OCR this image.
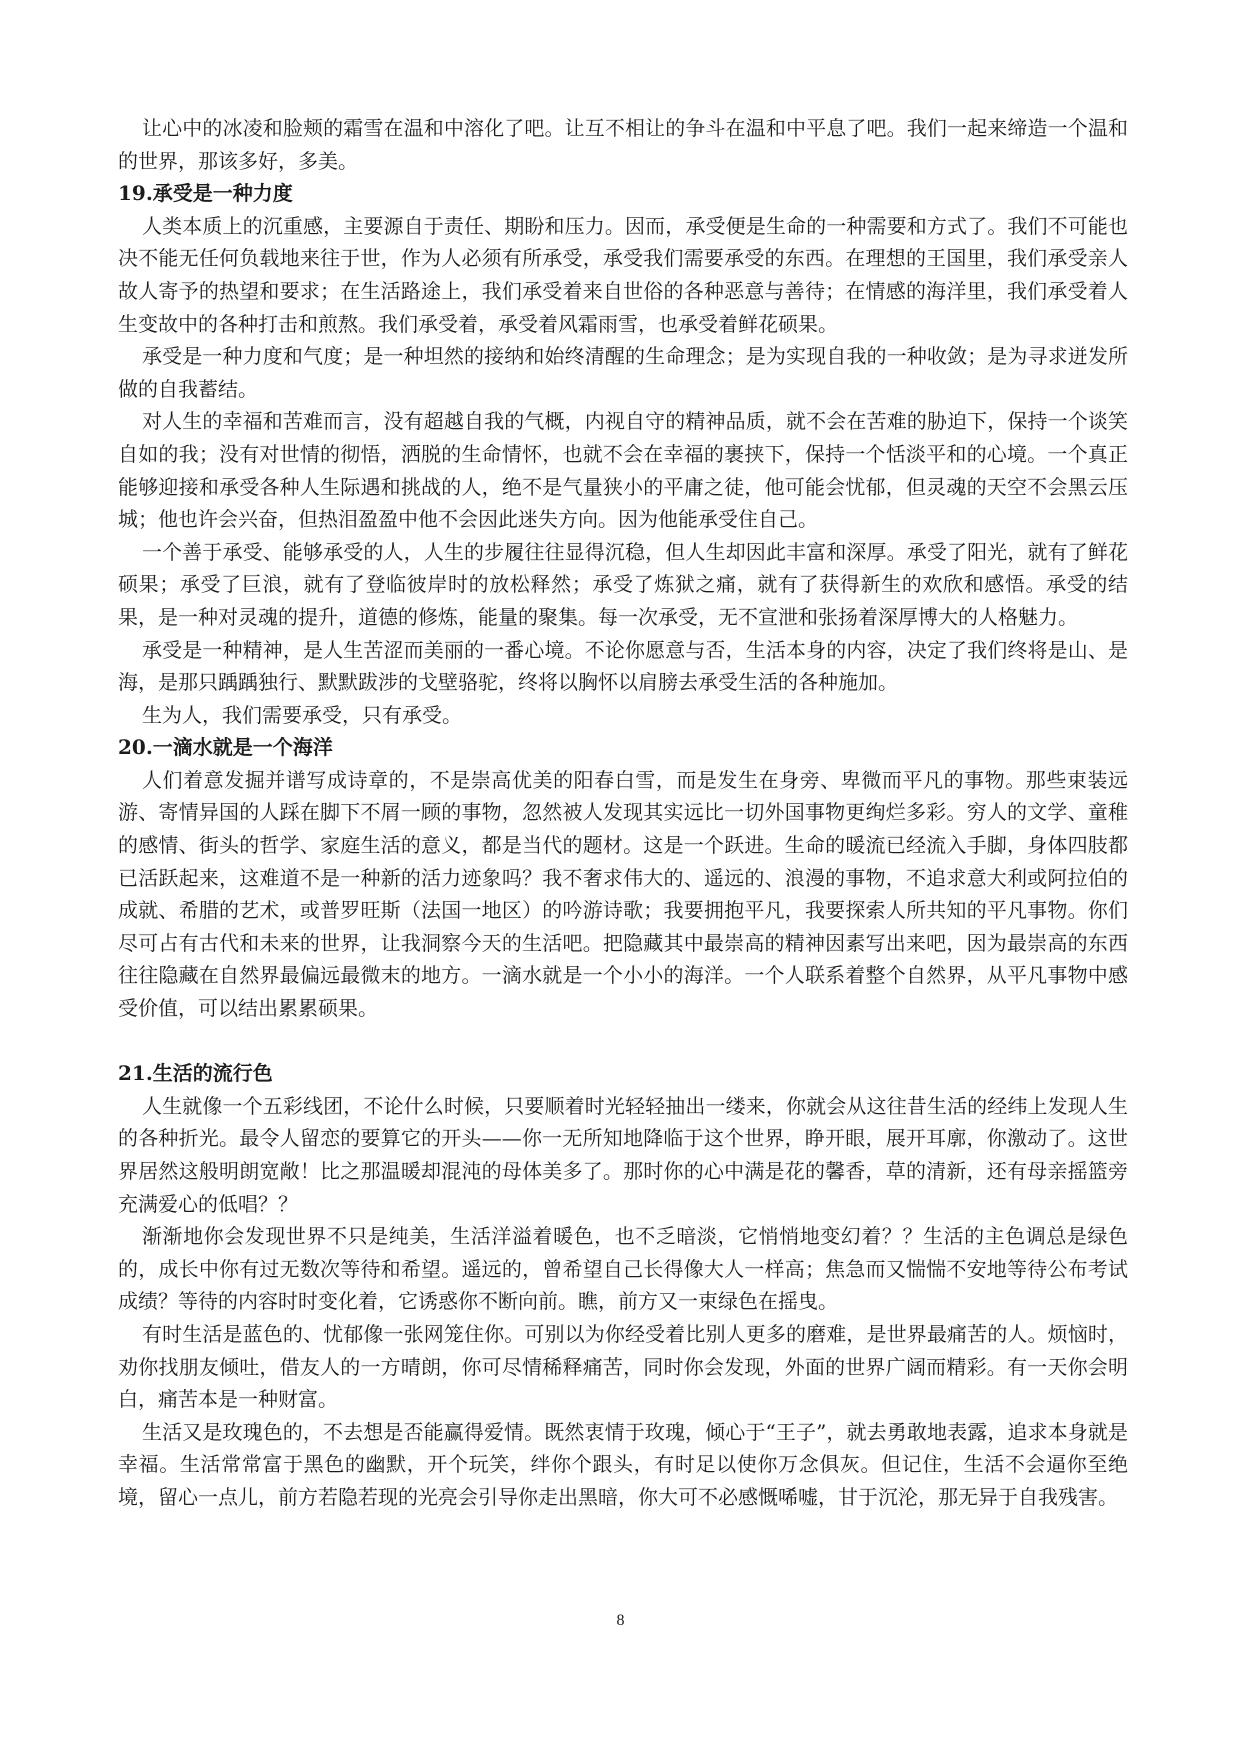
让心中的冰凌和脸颊的霜雪在温和中溶化了吧。让互不相让的争斗在温和中平息了吧。我们一起来缔造一个温和的世界，那该多好，多美。

19.承受是一种力度

人类本质上的沉重感，主要源自于责任、期盼和压力。因而，承受便是生命的一种需要和方式了。我们不可能也决不能无任何负载地来往于世，作为人必须有所承受，承受我们需要承受的东西。在理想的王国里，我们承受亲人故人寄予的热望和要求；在生活路途上，我们承受着来自世俗的各种恶意与善待；在情感的海洋里，我们承受着人生变故中的各种打击和煎熬。我们承受着，承受着风霜雨雪，也承受着鲜花硕果。

承受是一种力度和气度；是一种坦然的接纳和始终清醒的生命理念；是为实现自我的一种收敛；是为寻求迸发所做的自我蓄结。

对人生的幸福和苦难而言，没有超越自我的气概，内视自守的精神品质，就不会在苦难的胁迫下，保持一个谈笑自如的我；没有对世情的彻悟，洒脱的生命情怀，也就不会在幸福的裹挟下，保持一个恬淡平和的心境。一个真正能够迎接和承受各种人生际遇和挑战的人，绝不是气量狭小的平庸之徒，他可能会忧郁，但灵魂的天空不会黑云压城；他也许会兴奋，但热泪盈盈中他不会因此迷失方向。因为他能承受住自己。

一个善于承受、能够承受的人，人生的步履往往显得沉稳，但人生却因此丰富和深厚。承受了阳光，就有了鲜花硕果；承受了巨浪，就有了登临彼岸时的放松释然；承受了炼狱之痛，就有了获得新生的欢欣和感悟。承受的结果，是一种对灵魂的提升，道德的修炼，能量的聚集。每一次承受，无不宣泄和张扬着深厚博大的人格魅力。

承受是一种精神，是人生苦涩而美丽的一番心境。不论你愿意与否，生活本身的内容，决定了我们终将是山、是海，是那只踽踽独行、默默跋涉的戈壁骆驼，终将以胸怀以肩膀去承受生活的各种施加。

生为人，我们需要承受，只有承受。

20.一滴水就是一个海洋

人们着意发掘并谱写成诗章的，不是崇高优美的阳春白雪，而是发生在身旁、卑微而平凡的事物。那些束装远游、寄情异国的人踩在脚下不屑一顾的事物，忽然被人发现其实远比一切外国事物更绚烂多彩。穷人的文学、童稚的感情、街头的哲学、家庭生活的意义，都是当代的题材。这是一个跃进。生命的暖流已经流入手脚，身体四肢都已活跃起来，这难道不是一种新的活力迹象吗？我不奢求伟大的、遥远的、浪漫的事物，不追求意大利或阿拉伯的成就、希腊的艺术，或普罗旺斯（法国一地区）的吟游诗歌；我要拥抱平凡，我要探索人所共知的平凡事物。你们尽可占有古代和未来的世界，让我洞察今天的生活吧。把隐藏其中最崇高的精神因素写出来吧，因为最崇高的东西往往隐藏在自然界最偏远最微末的地方。一滴水就是一个小小的海洋。一个人联系着整个自然界，从平凡事物中感受价值，可以结出累累硕果。

21.生活的流行色

人生就像一个五彩线团，不论什么时候，只要顺着时光轻轻抽出一缕来，你就会从这往昔生活的经纬上发现人生的各种折光。最令人留恋的要算它的开头——你一无所知地降临于这个世界，睁开眼，展开耳廓，你激动了。这世界居然这般明朗宽敞！比之那温暖却混沌的母体美多了。那时你的心中满是花的馨香，草的清新，还有母亲摇篮旁充满爱心的低唱？？

渐渐地你会发现世界不只是纯美，生活洋溢着暖色，也不乏暗淡，它悄悄地变幻着？？生活的主色调总是绿色的，成长中你有过无数次等待和希望。遥远的，曾希望自己长得像大人一样高；焦急而又惴惴不安地等待公布考试成绩？等待的内容时时变化着，它诱惑你不断向前。瞧，前方又一束绿色在摇曳。

有时生活是蓝色的、忧郁像一张网笼住你。可别以为你经受着比别人更多的磨难，是世界最痛苦的人。烦恼时，劝你找朋友倾吐，借友人的一方晴朗，你可尽情稀释痛苦，同时你会发现，外面的世界广阔而精彩。有一天你会明白，痛苦本是一种财富。

生活又是玫瑰色的，不去想是否能赢得爱情。既然衷情于玫瑰，倾心于“王子”，就去勇敢地表露，追求本身就是幸福。生活常常富于黑色的幽默，开个玩笑，绊你个跟头，有时足以使你万念俱灰。但记住，生活不会逼你至绝境，留心一点儿，前方若隐若现的光亮会引导你走出黑暗，你大可不必感慨唏嘘，甘于沉沦，那无异于自我残害。

8
